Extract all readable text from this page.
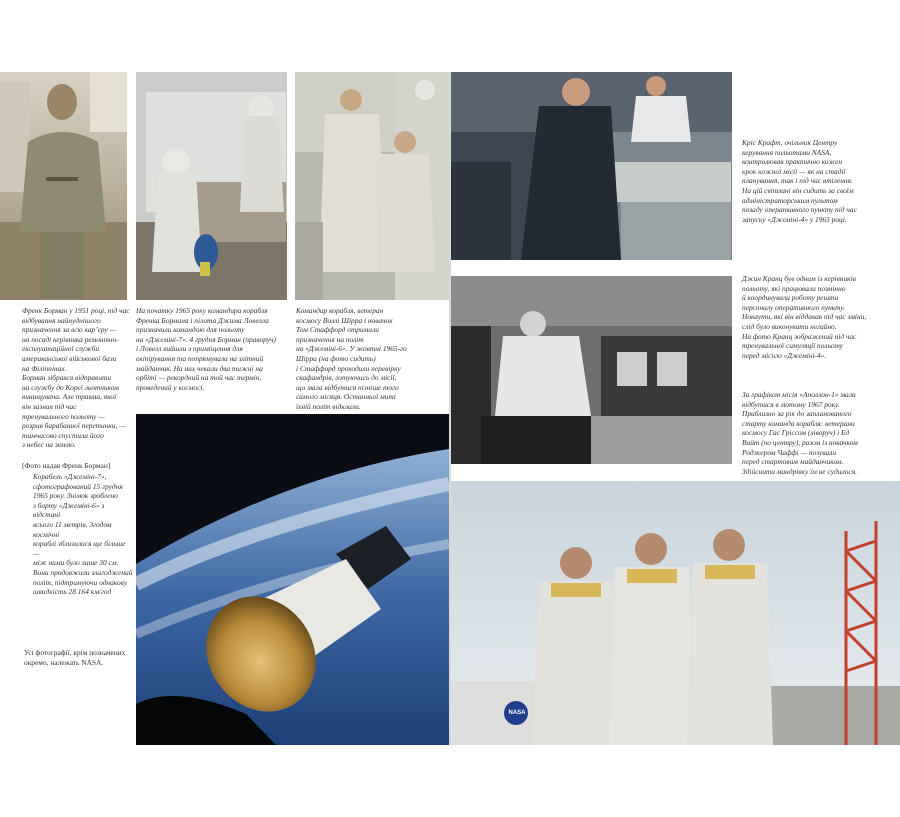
NASA

Френк Борман у 1951 році, під час
відбування найнуднішого
призначення за всю кар’єру —
на посаді керівника ремонтно-
експлуатаційної служби
американської військової бази
на Філіппінах.
Борман зібрався відправити
на службу до Кореї льотчиком
винищувача. Але травма, якої
він зазнав під час
тренувального польоту —
розрив барабанної перетинки, —
тимчасово спустила його
з небес на землю.

[Фото надав Френк Борман]

На початку 1965 року командира корабля
Френка Бормана і пілота Джима Ловелла
призначили командою для польоту
на «Джеміні-7». 4 грудня Борман (праворуч)
і Ловелл вийшли з приміщення для
екіпірування та попрямували на злітний
майданчик. На них чекали два тижні на
орбіті — рекордний на той час термін,
проведений у космосі.

Командир корабля, ветеран
космосу Воллі Шірра і новачок
Том Стаффорд отримали
призначення на політ
на «Джеміні-6». У жовтні 1965-го
Шірра (на фото сидить)
і Стаффорд проходили перевірку
скафандрів, готуючись до місії,
що мала відбутися пізніше того
самого місяця. Останньої миті
їхній політ відклали.

Кріс Крафт, очільник Центру
керування польотами NASA,
контролював практично кожен
крок кожної місії — як на стадії
планування, так і під час втілення.
На цій світлині він сидить за своїм
адміністраторським пультом
позаду оперативного пункту під час
запуску «Джеміні-4» у 1965 році.

Джин Кранц був одним із керівників
польоту, які працювали позмінно
й координували роботу решти
персоналу оперативного пункту.
Нокаути, які він віддавав під час зміни,
слід було виконувати негайно.
На фото Кранц зображений під час
тренувальної симуляції польоту
перед місією «Джеміні-4».

За графіком місія «Аполлон-1» мала
відбутися в лютому 1967 року.
Приблизно за рік до запланованого
старту команда корабля: ветерани
космосу Гас Гріссом (ліворуч) і Ед
Вайт (по центру), разом із новачком
Роджером Чаффі — позували
перед стартовим майданчиком.
Здійснити мандрівку їм не судилося.

Корабель «Джеміні-7»,
сфотографований 15 грудня
1965 року. Знімок зроблено
з борту «Джеміні-6» з відстані
всього 11 метрів. Згодом космічні
кораблі зблизилися ще більше —
між ними було лише 30 см.
Вони продовжили злагоджений
політ, підтримуючи однакову
швидкість 28 164 км/год

Усі фотографії, крім позначених
окремо, належать NASA.
